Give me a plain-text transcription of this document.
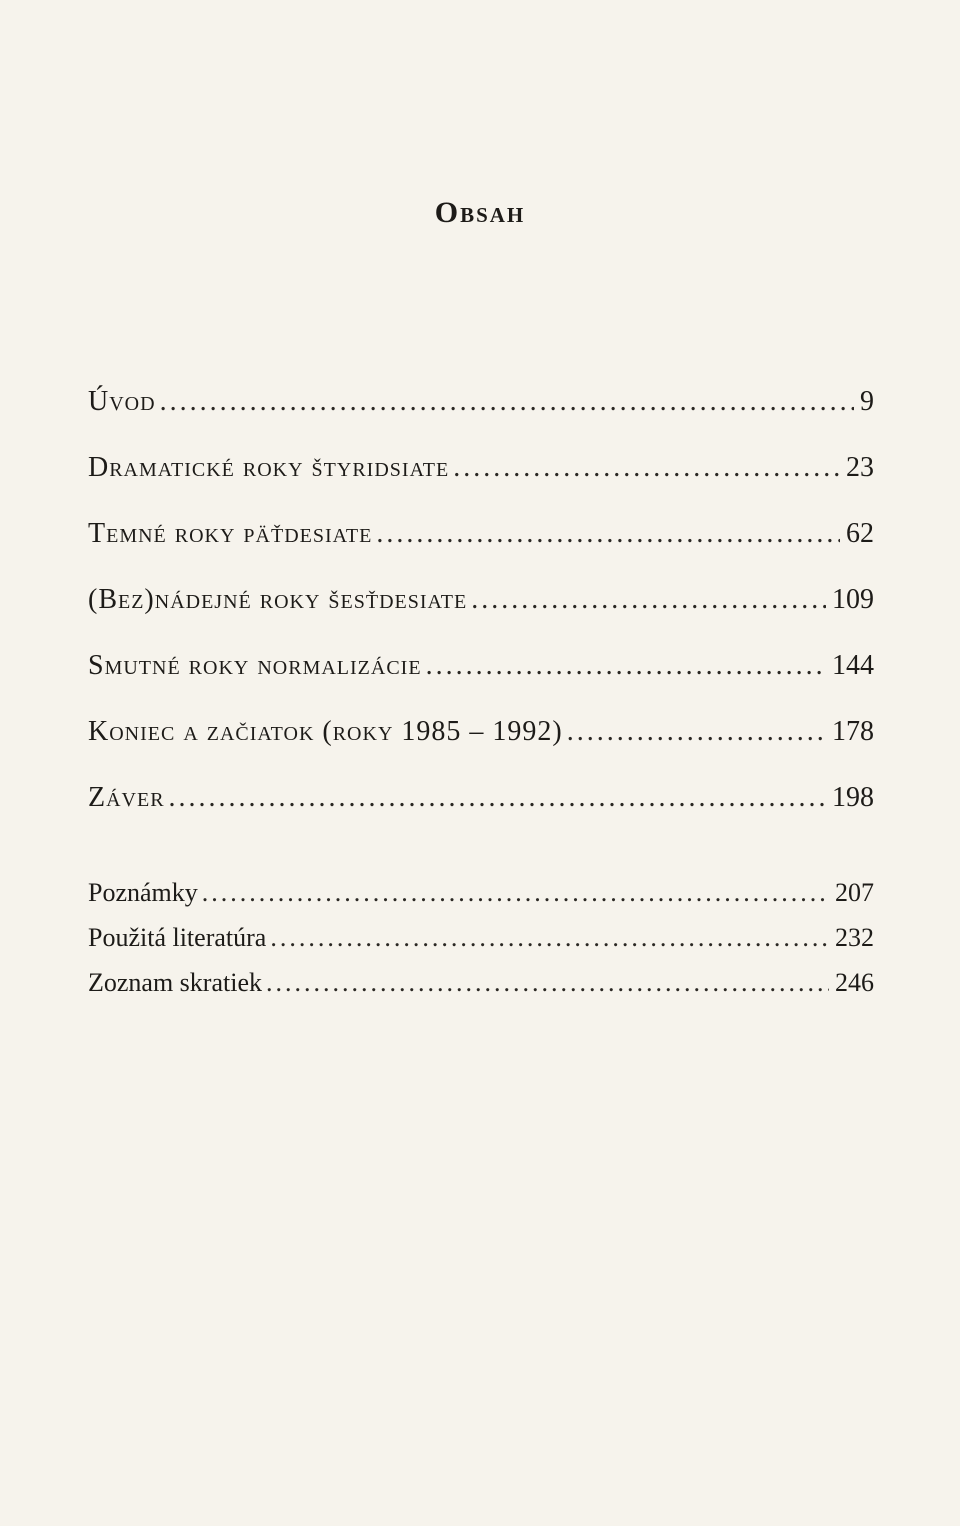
Obsah
Úvod .....	9
Dramatické roky štyridsiate .....	23
Temné roky päťdesiate .....	62
(Bez)nádejné roky šesťdesiate .....	109
Smutné roky normalizácie .....	144
Koniec a začiatok (roky 1985 – 1992) .....	178
Záver .....	198
Poznámky .....	207
Použitá literatúra .....	232
Zoznam skratiek .....	246
